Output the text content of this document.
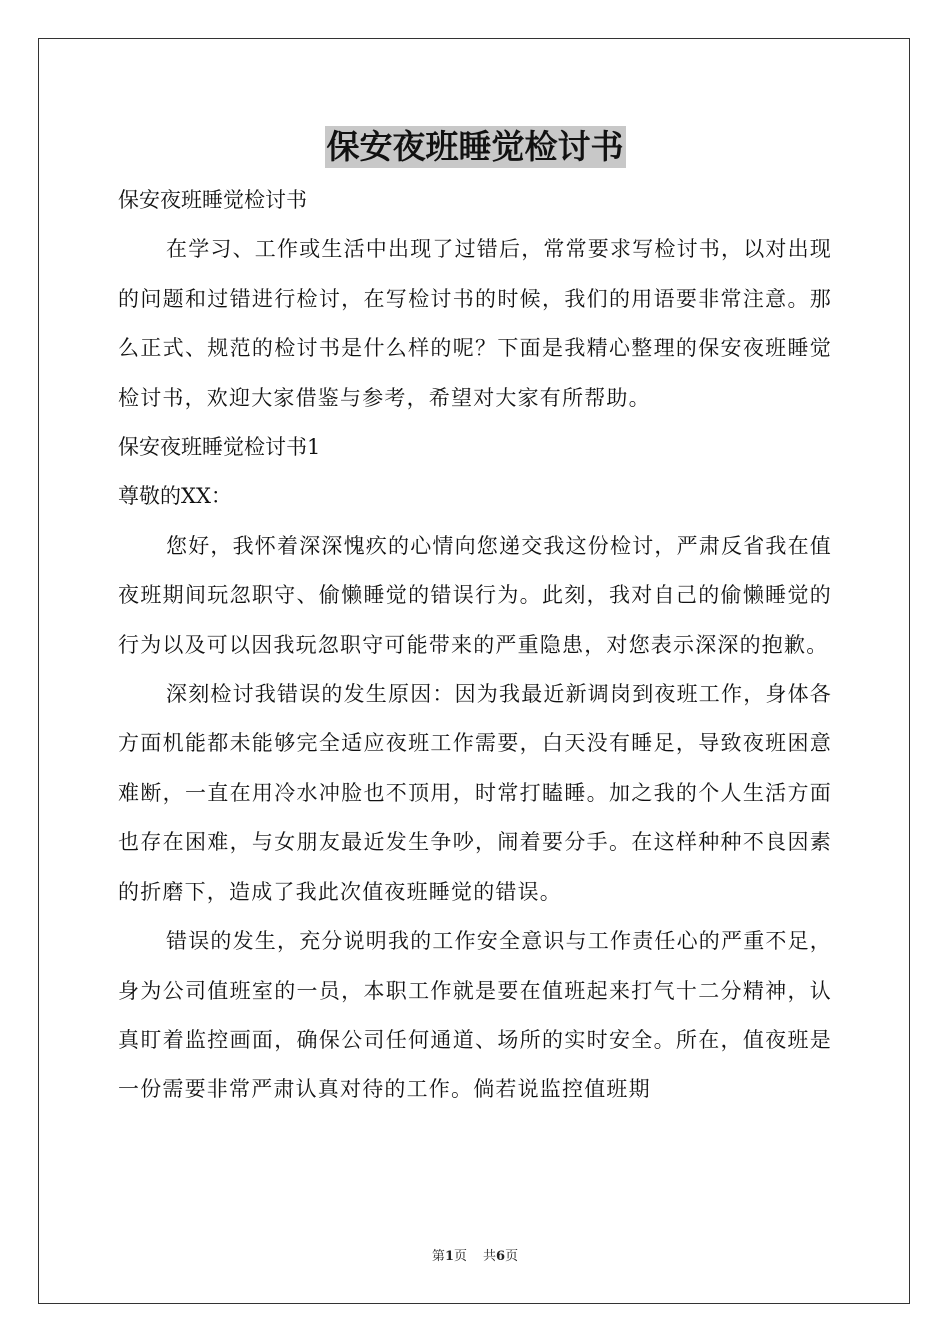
保安夜班睡觉检讨书
保安夜班睡觉检讨书

在学习、工作或生活中出现了过错后，常常要求写检讨书，以对出现的问题和过错进行检讨，在写检讨书的时候，我们的用语要非常注意。那么正式、规范的检讨书是什么样的呢？下面是我精心整理的保安夜班睡觉检讨书，欢迎大家借鉴与参考，希望对大家有所帮助。

保安夜班睡觉检讨书1
尊敬的XX：

您好，我怀着深深愧疚的心情向您递交我这份检讨，严肃反省我在值夜班期间玩忽职守、偷懒睡觉的错误行为。此刻，我对自己的偷懒睡觉的行为以及可以因我玩忽职守可能带来的严重隐患，对您表示深深的抱歉。

深刻检讨我错误的发生原因：因为我最近新调岗到夜班工作，身体各方面机能都未能够完全适应夜班工作需要，白天没有睡足，导致夜班困意难断，一直在用冷水冲脸也不顶用，时常打瞌睡。加之我的个人生活方面也存在困难，与女朋友最近发生争吵，闹着要分手。在这样种种不良因素的折磨下，造成了我此次值夜班睡觉的错误。

错误的发生，充分说明我的工作安全意识与工作责任心的严重不足，身为公司值班室的一员，本职工作就是要在值班起来打气十二分精神，认真盯着监控画面，确保公司任何通道、场所的实时安全。所在，值夜班是一份需要非常严肃认真对待的工作。倘若说监控值班期

第1页 共6页
